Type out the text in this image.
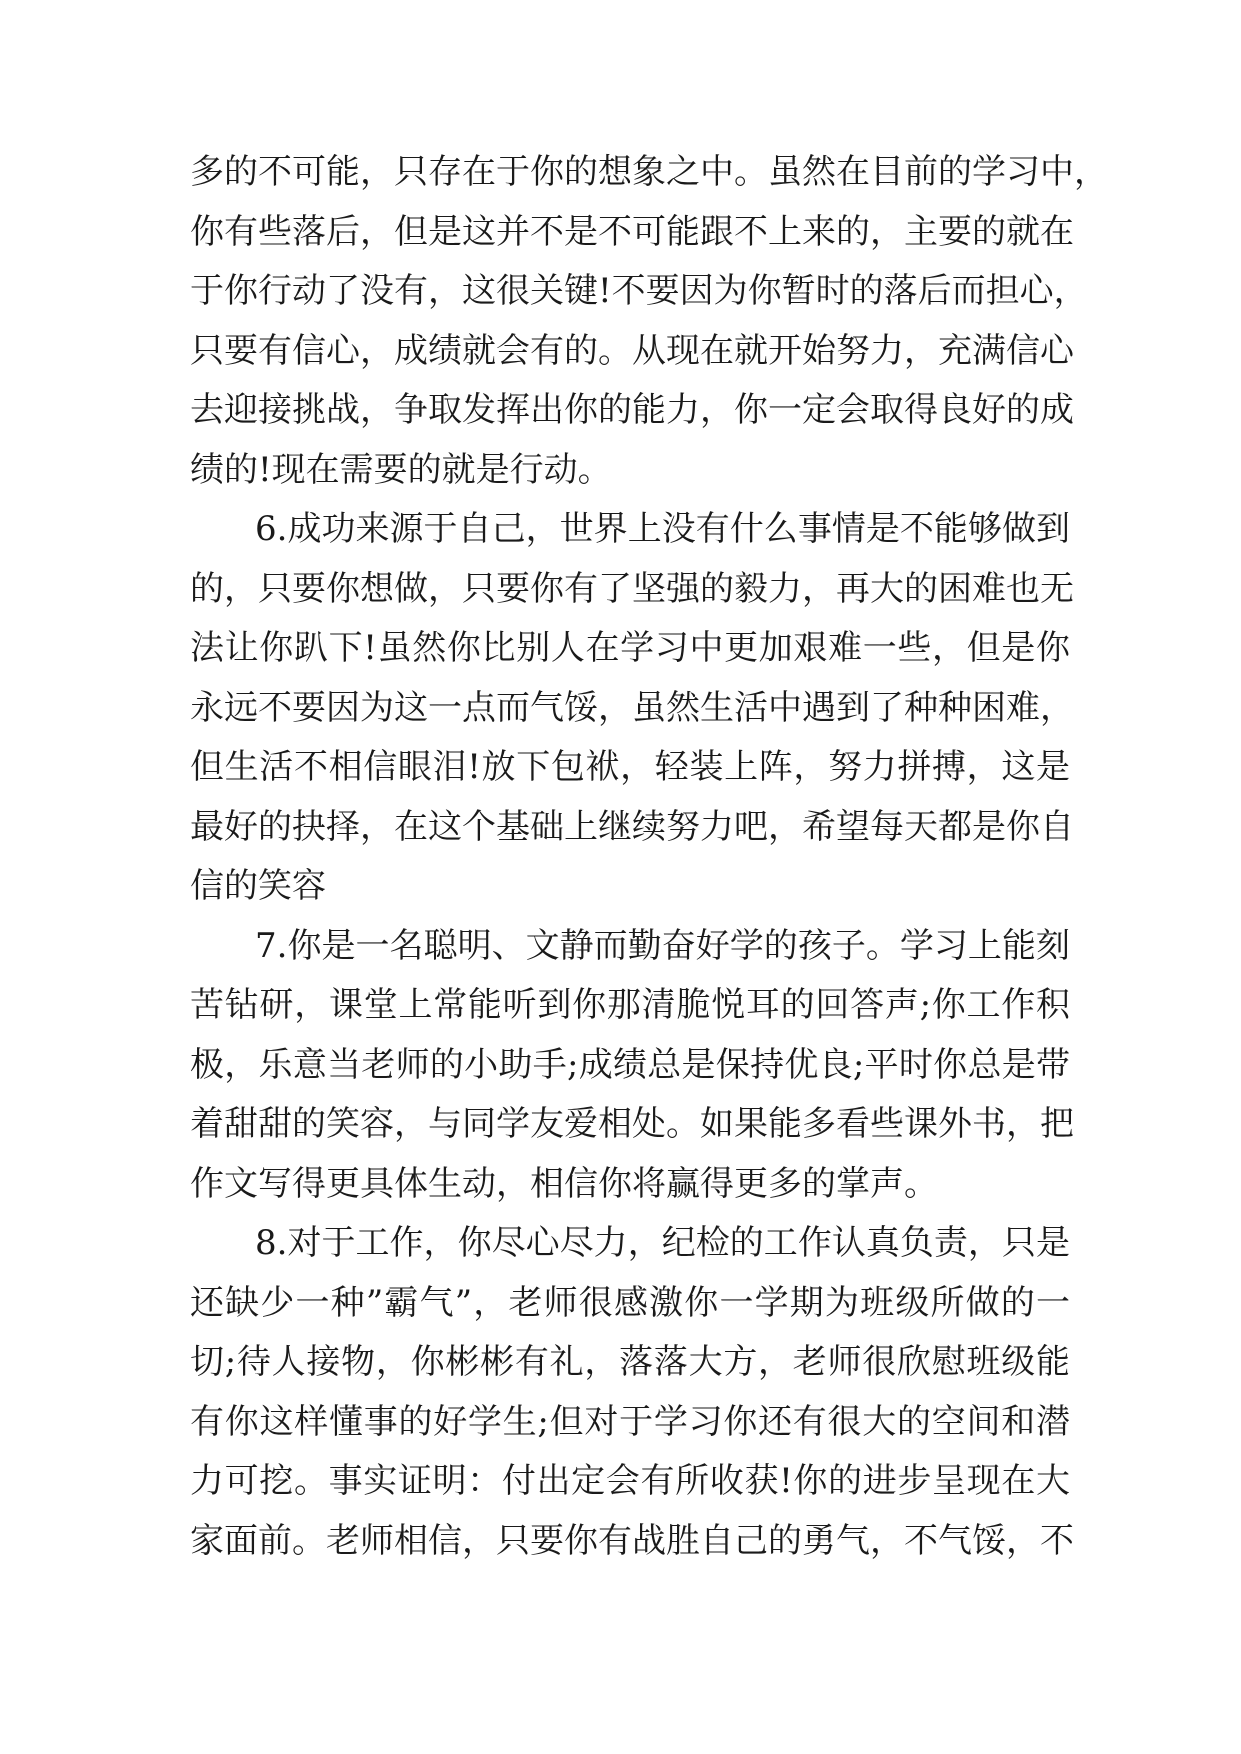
多的不可能，只存在于你的想象之中。虽然在目前的学习中，
你有些落后，但是这并不是不可能跟不上来的，主要的就在
于你行动了没有，这很关键!不要因为你暂时的落后而担心，
只要有信心，成绩就会有的。从现在就开始努力，充满信心
去迎接挑战，争取发挥出你的能力，你一定会取得良好的成
绩的!现在需要的就是行动。
6.成功来源于自己，世界上没有什么事情是不能够做到
的，只要你想做，只要你有了坚强的毅力，再大的困难也无
法让你趴下!虽然你比别人在学习中更加艰难一些，但是你
永远不要因为这一点而气馁，虽然生活中遇到了种种困难，
但生活不相信眼泪!放下包袱，轻装上阵，努力拼搏，这是
最好的抉择，在这个基础上继续努力吧，希望每天都是你自
信的笑容
7.你是一名聪明、文静而勤奋好学的孩子。学习上能刻
苦钻研，课堂上常能听到你那清脆悦耳的回答声;你工作积
极，乐意当老师的小助手;成绩总是保持优良;平时你总是带
着甜甜的笑容，与同学友爱相处。如果能多看些课外书，把
作文写得更具体生动，相信你将赢得更多的掌声。
8.对于工作，你尽心尽力，纪检的工作认真负责，只是
还缺少一种”霸气”，老师很感激你一学期为班级所做的一
切;待人接物，你彬彬有礼，落落大方，老师很欣慰班级能
有你这样懂事的好学生;但对于学习你还有很大的空间和潜
力可挖。事实证明：付出定会有所收获!你的进步呈现在大
家面前。老师相信，只要你有战胜自己的勇气，不气馁，不
